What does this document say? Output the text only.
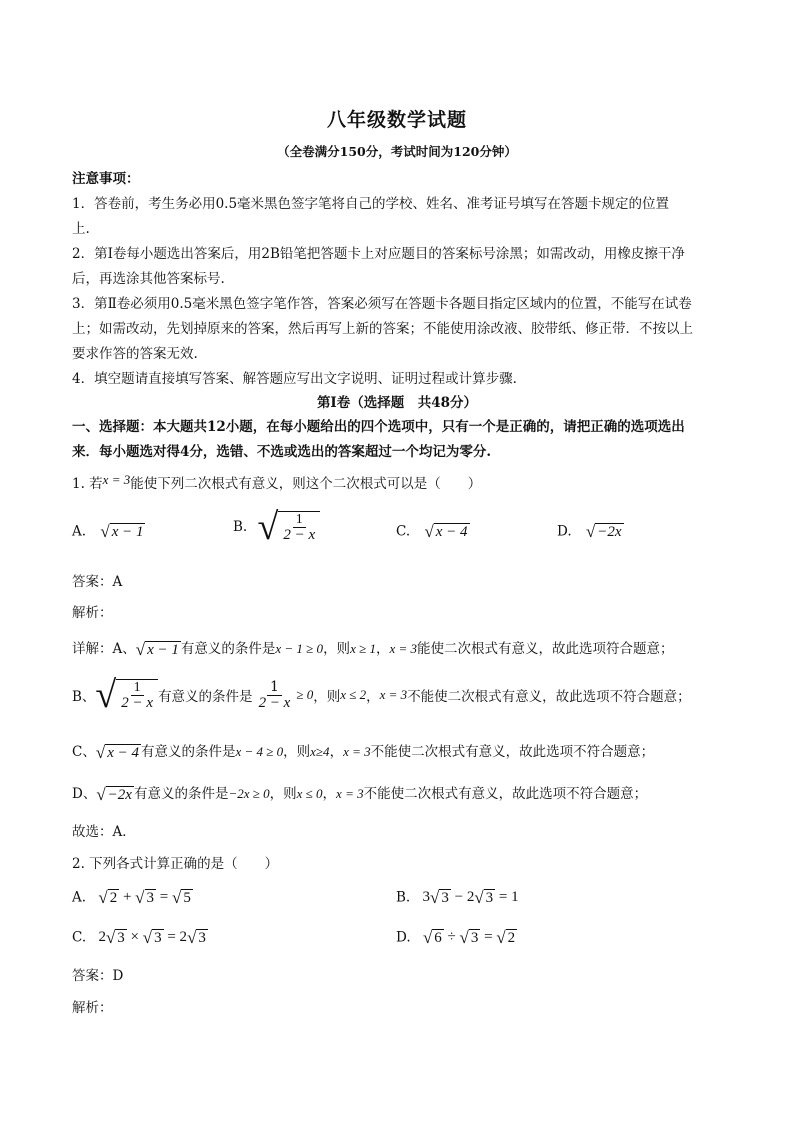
八年级数学试题
（全卷满分150分，考试时间为120分钟）
注意事项：
1．答卷前，考生务必用0.5毫米黑色签字笔将自己的学校、姓名、准考证号填写在答题卡规定的位置
上.
2．第Ⅰ卷每小题选出答案后，用2B铅笔把答题卡上对应题目的答案标号涂黑；如需改动，用橡皮擦干净
后，再选涂其他答案标号.
3．第Ⅱ卷必须用0.5毫米黑色签字笔作答，答案必须写在答题卡各题目指定区域内的位置，不能写在试卷
上；如需改动，先划掉原来的答案，然后再写上新的答案；不能使用涂改液、胶带纸、修正带．不按以上
要求作答的答案无效.
4．填空题请直接填写答案、解答题应写出文字说明、证明过程或计算步骤.
第Ⅰ卷（选择题　共48分）
一、选择题：本大题共12小题，在每小题给出的四个选项中，只有一个是正确的，请把正确的选项选出
来．每小题选对得4分，选错、不选或选出的答案超过一个均记为零分.
1. 若x = 3能使下列二次根式有意义，则这个二次根式可以是（　　）
A. √ x − 1	B. √ $\frac{1}{2 - x}$	C. √ x − 4	D. √ −2x
答案：A
解析：
详解：A、√ x − 1 有意义的条件是x − 1 ≥ 0，则x ≥ 1，x = 3能使二次根式有意义，故此选项符合题意；
B、√ $\frac{1}{2 - x}$ 有意义的条件是 $\frac{1}{2 - x} \ge 0$，则x ≤ 2，x = 3不能使二次根式有意义，故此选项不符合题意；
C、√ x − 4 有意义的条件是x − 4 ≥ 0，则x≥4，x = 3不能使二次根式有意义，故此选项不符合题意；
D、√ −2x 有意义的条件是−2x ≥ 0，则x ≤ 0，x = 3不能使二次根式有意义，故此选项不符合题意；
故选：A．
2. 下列各式计算正确的是（　　）
A. √ 2 + √ 3 = √ 5	B. 3√ 3 − 2√ 3 = 1
C. 2√ 3 × √ 3 = 2√ 3	D. √ 6 ÷ √ 3 = √ 2
答案：D
解析：
